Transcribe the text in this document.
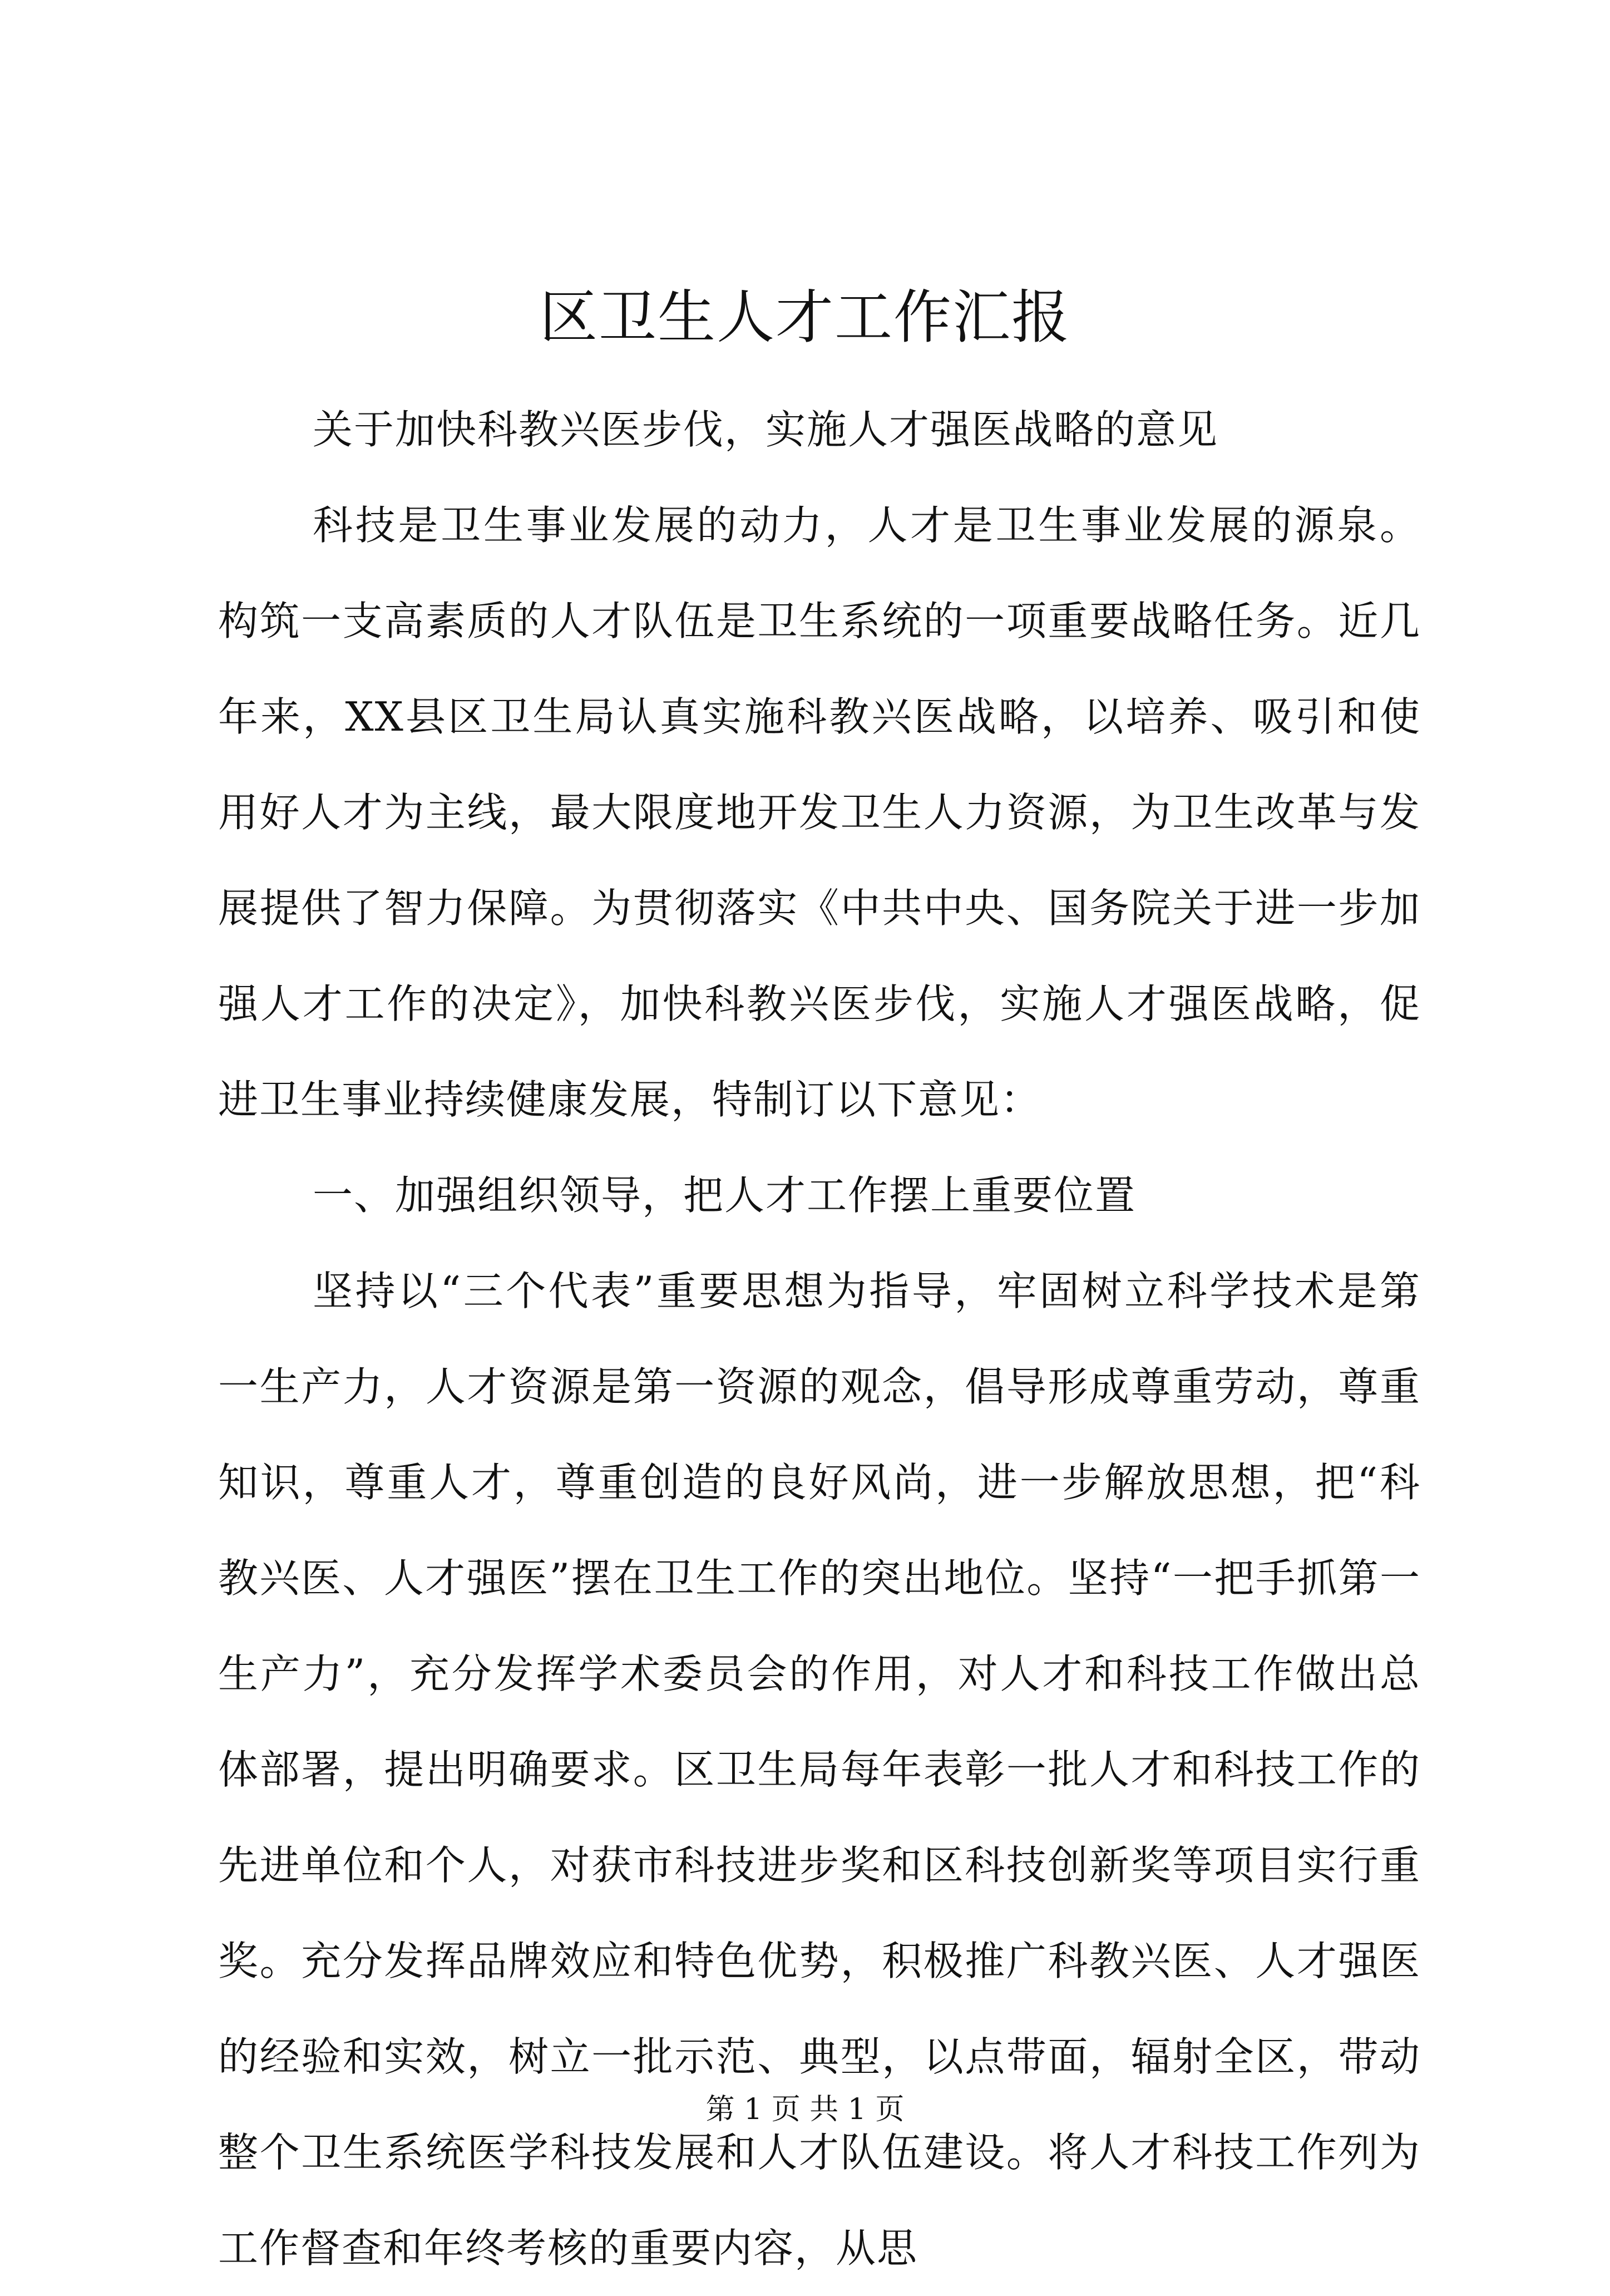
区卫生人才工作汇报

关于加快科教兴医步伐，实施人才强医战略的意见

科技是卫生事业发展的动力，人才是卫生事业发展的源泉。构筑一支高素质的人才队伍是卫生系统的一项重要战略任务。近几年来，XX县区卫生局认真实施科教兴医战略，以培养、吸引和使用好人才为主线，最大限度地开发卫生人力资源，为卫生改革与发展提供了智力保障。为贯彻落实《中共中央、国务院关于进一步加强人才工作的决定》，加快科教兴医步伐，实施人才强医战略，促进卫生事业持续健康发展，特制订以下意见：

一、加强组织领导，把人才工作摆上重要位置

坚持以“三个代表”重要思想为指导，牢固树立科学技术是第一生产力，人才资源是第一资源的观念，倡导形成尊重劳动，尊重知识，尊重人才，尊重创造的良好风尚，进一步解放思想，把“科教兴医、人才强医”摆在卫生工作的突出地位。坚持“一把手抓第一生产力”，充分发挥学术委员会的作用，对人才和科技工作做出总体部署，提出明确要求。区卫生局每年表彰一批人才和科技工作的先进单位和个人，对获市科技进步奖和区科技创新奖等项目实行重奖。充分发挥品牌效应和特色优势，积极推广科教兴医、人才强医的经验和实效，树立一批示范、典型，以点带面，辐射全区，带动整个卫生系统医学科技发展和人才队伍建设。将人才科技工作列为工作督查和年终考核的重要内容，从思

第 1 页 共 1 页
